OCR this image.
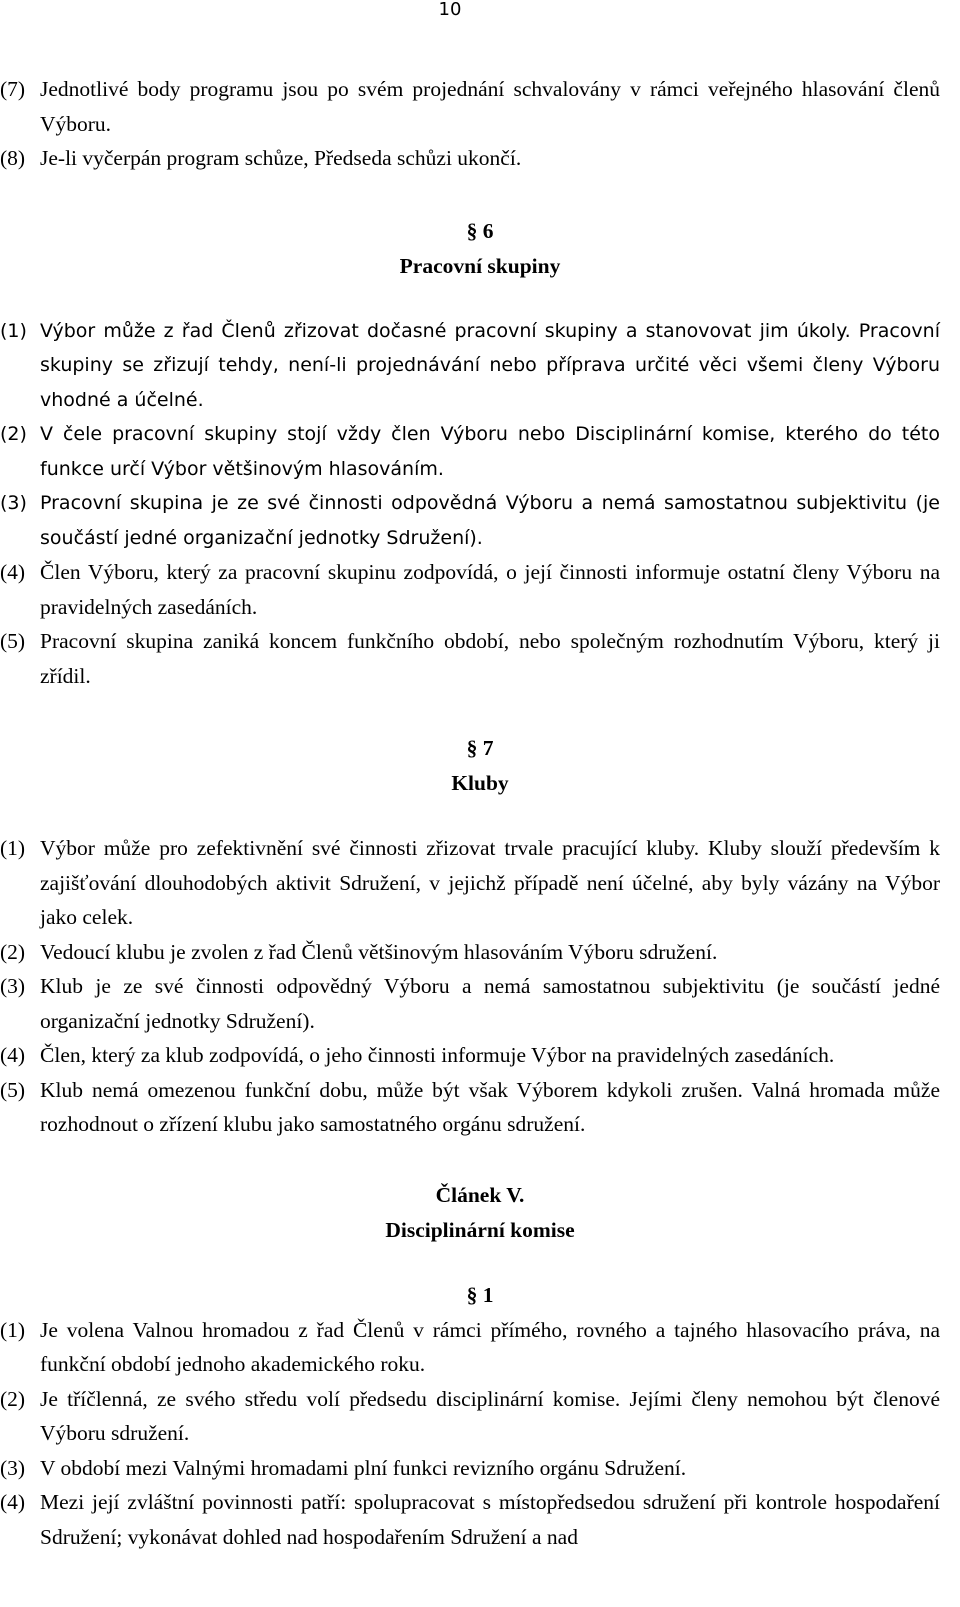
10
(7) Jednotlivé body programu jsou po svém projednání schvalovány v rámci veřejného hlasování členů Výboru.
(8) Je-li vyčerpán program schůze, Předseda schůzi ukončí.

§ 6

Pracovní skupiny

(1) Výbor může z řad Členů zřizovat dočasné pracovní skupiny a stanovovat jim úkoly. Pracovní skupiny se zřizují tehdy, není-li projednávání nebo příprava určité věci všemi členy Výboru vhodné a účelné.
(2) V čele pracovní skupiny stojí vždy člen Výboru nebo Disciplinární komise, kterého do této funkce určí Výbor většinovým hlasováním.
(3) Pracovní skupina je ze své činnosti odpovědná Výboru a nemá samostatnou subjektivitu (je součástí jedné organizační jednotky Sdružení).
(4) Člen Výboru, který za pracovní skupinu zodpovídá, o její činnosti informuje ostatní členy Výboru na pravidelných zasedáních.
(5) Pracovní skupina zaniká koncem funkčního období, nebo společným rozhodnutím Výboru, který ji zřídil.

§ 7

Kluby

(1) Výbor může pro zefektivnění své činnosti zřizovat trvale pracující kluby. Kluby slouží především k zajišťování dlouhodobých aktivit Sdružení, v jejichž případě není účelné, aby byly vázány na Výbor jako celek.
(2) Vedoucí klubu je zvolen z řad Členů většinovým hlasováním Výboru sdružení.
(3) Klub je ze své činnosti odpovědný Výboru a nemá samostatnou subjektivitu (je součástí jedné organizační jednotky Sdružení).
(4) Člen, který za klub zodpovídá, o jeho činnosti informuje Výbor na pravidelných zasedáních.
(5) Klub nemá omezenou funkční dobu, může být však Výborem kdykoli zrušen. Valná hromada může rozhodnout o zřízení klubu jako samostatného orgánu sdružení.

Článek V.

Disciplinární komise

§ 1

(1) Je volena Valnou hromadou z řad Členů v rámci přímého, rovného a tajného hlasovacího práva, na funkční období jednoho akademického roku.
(2) Je tříčlenná, ze svého středu volí předsedu disciplinární komise. Jejími členy nemohou být členové Výboru sdružení.
(3) V období mezi Valnými hromadami plní funkci revizního orgánu Sdružení.
(4) Mezi její zvláštní povinnosti patří: spolupracovat s místopředsedou sdružení při kontrole hospodaření Sdružení; vykonávat dohled nad hospodařením Sdružení a nad
